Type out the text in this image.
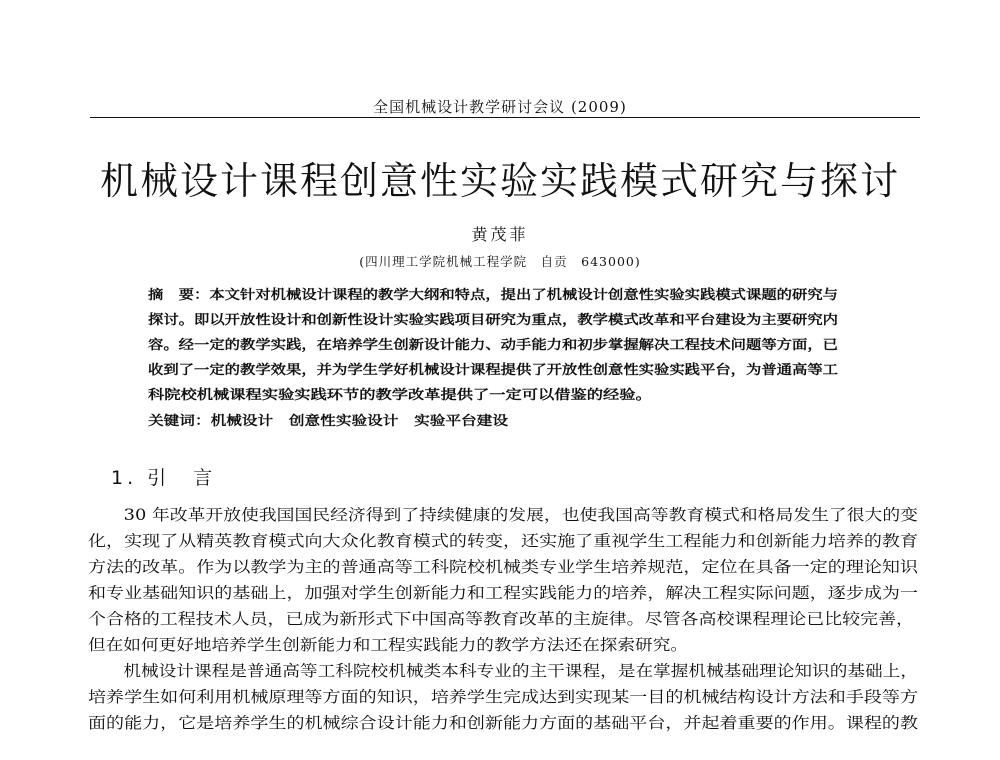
全国机械设计教学研讨会议 (2009)
机械设计课程创意性实验实践模式研究与探讨
黄茂菲
(四川理工学院机械工程学院　自贡　643000)
摘　要：本文针对机械设计课程的教学大纲和特点，提出了机械设计创意性实验实践模式课题的研究与
探讨。即以开放性设计和创新性设计实验实践项目研究为重点，教学模式改革和平台建设为主要研究内
容。经一定的教学实践，在培养学生创新设计能力、动手能力和初步掌握解决工程技术问题等方面，已
收到了一定的教学效果，并为学生学好机械设计课程提供了开放性创意性实验实践平台，为普通高等工
科院校机械课程实验实践环节的教学改革提供了一定可以借鉴的经验。
关键词：机械设计　创意性实验设计　实验平台建设
1. 引　言
　　30 年改革开放使我国国民经济得到了持续健康的发展，也使我国高等教育模式和格局发生了很大的变
化，实现了从精英教育模式向大众化教育模式的转变，还实施了重视学生工程能力和创新能力培养的教育
方法的改革。作为以教学为主的普通高等工科院校机械类专业学生培养规范，定位在具备一定的理论知识
和专业基础知识的基础上，加强对学生创新能力和工程实践能力的培养，解决工程实际问题，逐步成为一
个合格的工程技术人员，已成为新形式下中国高等教育改革的主旋律。尽管各高校课程理论已比较完善，
但在如何更好地培养学生创新能力和工程实践能力的教学方法还在探索研究。
　　机械设计课程是普通高等工科院校机械类本科专业的主干课程，是在掌握机械基础理论知识的基础上，
培养学生如何利用机械原理等方面的知识，培养学生完成达到实现某一目的机械结构设计方法和手段等方
面的能力，它是培养学生的机械综合设计能力和创新能力方面的基础平台，并起着重要的作用。课程的教
